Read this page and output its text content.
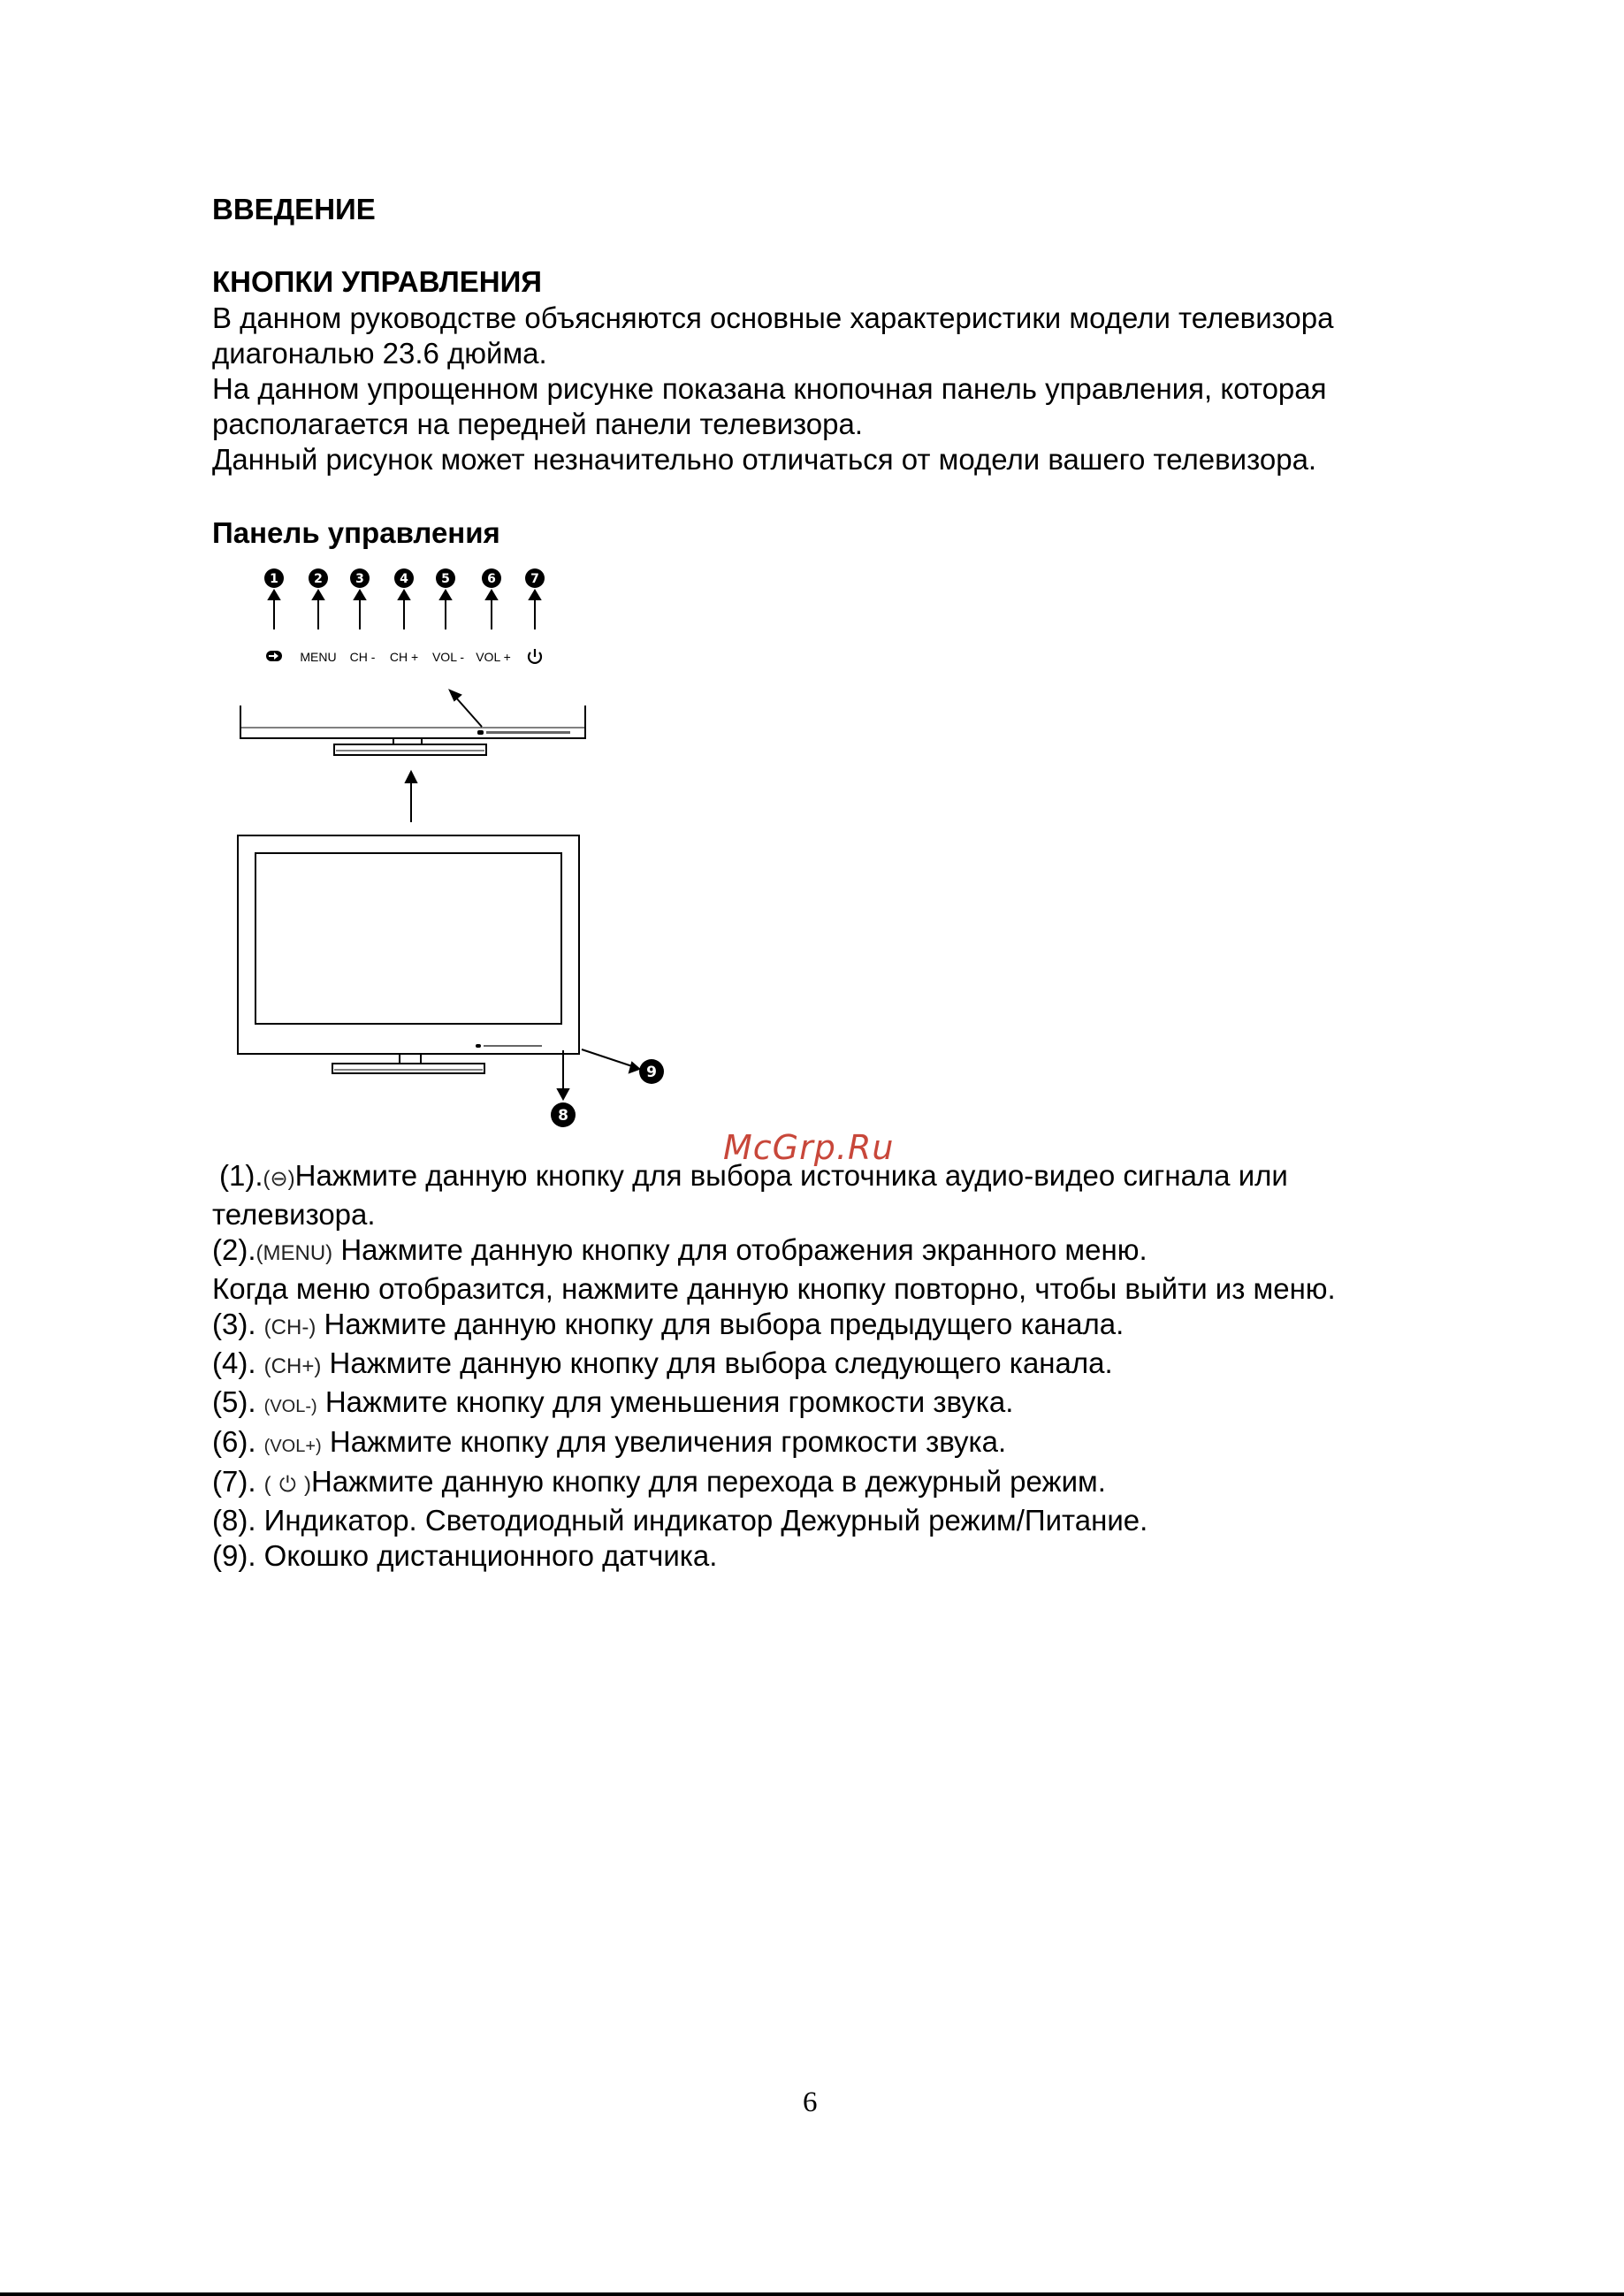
ВВЕДЕНИЕ
КНОПКИ УПРАВЛЕНИЯ
В данном руководстве объясняются основные характеристики модели телевизора
диагональю 23.6 дюйма.
На данном упрощенном рисунке показана кнопочная панель управления, которая
располагается на передней панели телевизора.
Данный рисунок может незначительно отличаться от модели вашего телевизора.
Панель управления
1	2	3	4	5	6	7
MENU CH - CH + VOL - VOL +
9
8
McGrp.Ru
(1).(⊖)Нажмите данную кнопку для выбора источника аудио-видео сигнала или
телевизора.
(2).(MENU) Нажмите данную кнопку для отображения экранного меню.
Когда меню отобразится, нажмите данную кнопку повторно, чтобы выйти из меню.
(3). (CH-) Нажмите данную кнопку для выбора предыдущего канала.
(4). (CH+) Нажмите данную кнопку для выбора следующего канала.
(5). (VOL-) Нажмите кнопку для уменьшения громкости звука.
(6). (VOL+) Нажмите кнопку для увеличения громкости звука.
(7). ( ⏻ )Нажмите данную кнопку для перехода в дежурный режим.
(8). Индикатор. Светодиодный индикатор Дежурный режим/Питание.
(9). Окошко дистанционного датчика.
6
